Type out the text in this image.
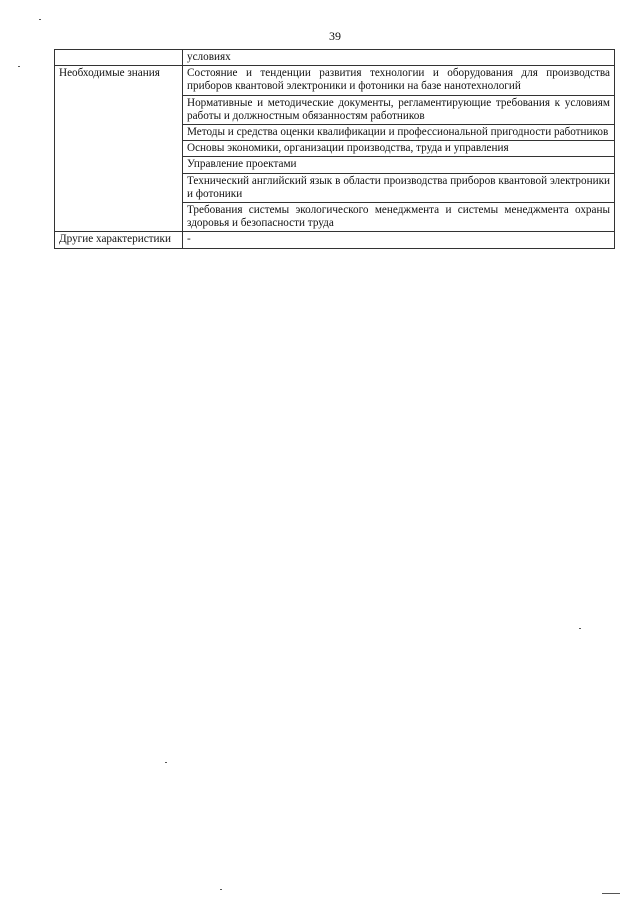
39
	условиях
Необходимые знания	Состояние и тенденции развития технологии и оборудования для производства приборов квантовой электроники и фотоники на базе нанотехнологий
	Нормативные и методические документы, регламентирующие требования к условиям работы и должностным обязанностям работников
	Методы и средства оценки квалификации и профессиональной пригодности работников
	Основы экономики, организации производства, труда и управления
	Управление проектами
	Технический английский язык в области производства приборов квантовой электроники и фотоники
	Требования системы экологического менеджмента и системы менеджмента охраны здоровья и безопасности труда
Другие характеристики	-
